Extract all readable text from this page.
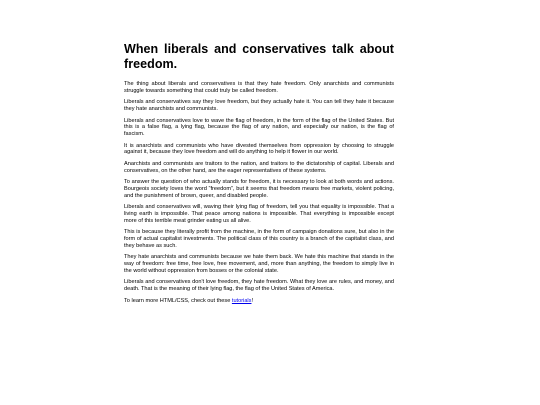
When liberals and conservatives talk about freedom.

The thing about liberals and conservatives is that they hate freedom. Only anarchists and communists struggle towards something that could truly be called freedom.

Liberals and conservatives say they love freedom, but they actually hate it. You can tell they hate it because they hate anarchists and communists.

Liberals and conservatives love to wave the flag of freedom, in the form of the flag of the United States. But this is a false flag, a lying flag, because the flag of any nation, and especially our nation, is the flag of fascism.

It is anarchists and communists who have divested themselves from oppression by choosing to struggle against it, because they love freedom and will do anything to help it flower in our world.

Anarchists and communists are traitors to the nation, and traitors to the dictatorship of capital. Liberals and conservatives, on the other hand, are the eager representatives of these systems.

To answer the question of who actually stands for freedom, it is necessary to look at both words and actions. Bourgeois society loves the word “freedom”, but it seems that freedom means free markets, violent policing, and the punishment of brown, queer, and disabled people.

Liberals and conservatives will, waving their lying flag of freedom, tell you that equality is impossible. That a living earth is impossible. That peace among nations is impossible. That everything is impossible except more of this terrible meat grinder eating us all alive.

This is because they literally profit from the machine, in the form of campaign donations sure, but also in the form of actual capitalist investments. The political class of this country is a branch of the capitalist class, and they behave as such.

They hate anarchists and communists because we hate them back. We hate this machine that stands in the way of freedom: free time, free love, free movement, and, more than anything, the freedom to simply live in the world without oppression from bosses or the colonial state.

Liberals and conservatives don't love freedom, they hate freedom. What they love are rules, and money, and death. That is the meaning of their lying flag, the flag of the United States of America.

To learn more HTML/CSS, check out these tutorials!
